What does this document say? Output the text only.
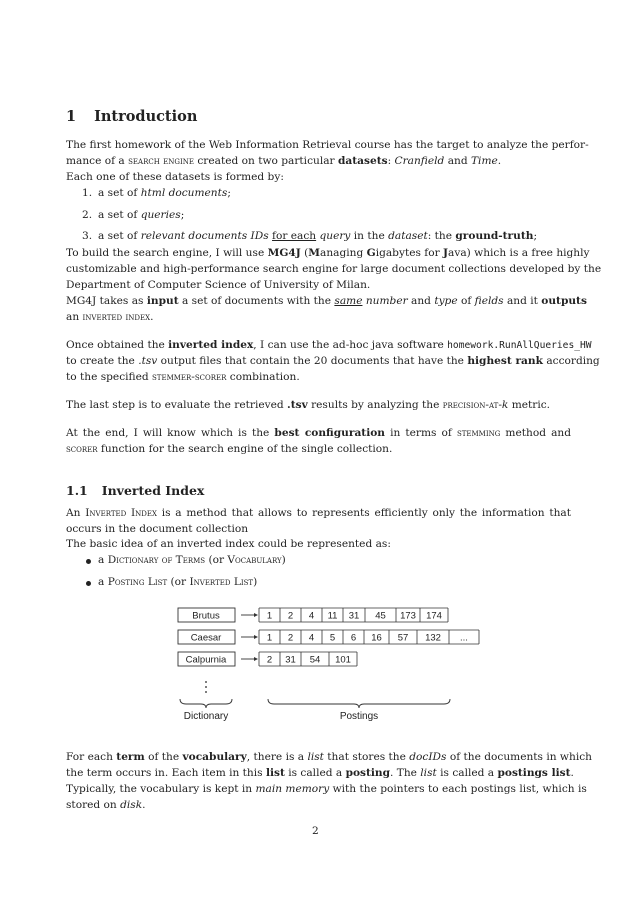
1 Introduction
The first homework of the Web Information Retrieval course has the target to analyze the perfor-
mance of a search engine created on two particular datasets: Cranfield and Time.
Each one of these datasets is formed by:
1. a set of html documents;
2. a set of queries;
3. a set of relevant documents IDs for each query in the dataset: the ground-truth;
To build the search engine, I will use MG4J (Managing Gigabytes for Java) which is a free highly
customizable and high-performance search engine for large document collections developed by the
Department of Computer Science of University of Milan.
MG4J takes as input a set of documents with the same number and type of fields and it outputs
an inverted index.
Once obtained the inverted index, I can use the ad-hoc java software homework.RunAllQueries_HW
to create the .tsv output files that contain the 20 documents that have the highest rank according
to the specified stemmer-scorer combination.
The last step is to evaluate the retrieved .tsv results by analyzing the precision-at-k metric.
At the end, I will know which is the best configuration in terms of stemming method and
scorer function for the search engine of the single collection.
1.1 Inverted Index
An Inverted Index is a method that allows to represents efficiently only the information that
occurs in the document collection
The basic idea of an inverted index could be represented as:
a Dictionary of Terms (or Vocabulary)
a Posting List (or Inverted List)
Brutus	1 2 4 11 31 45 173 174
Caesar	1 2 4 5 6 16 57 132 ...
Calpurnia	2 31 54 101
Dictionary	Postings
For each term of the vocabulary, there is a list that stores the docIDs of the documents in which
the term occurs in. Each item in this list is called a posting. The list is called a postings list.
Typically, the vocabulary is kept in main memory with the pointers to each postings list, which is
stored on disk.
2
